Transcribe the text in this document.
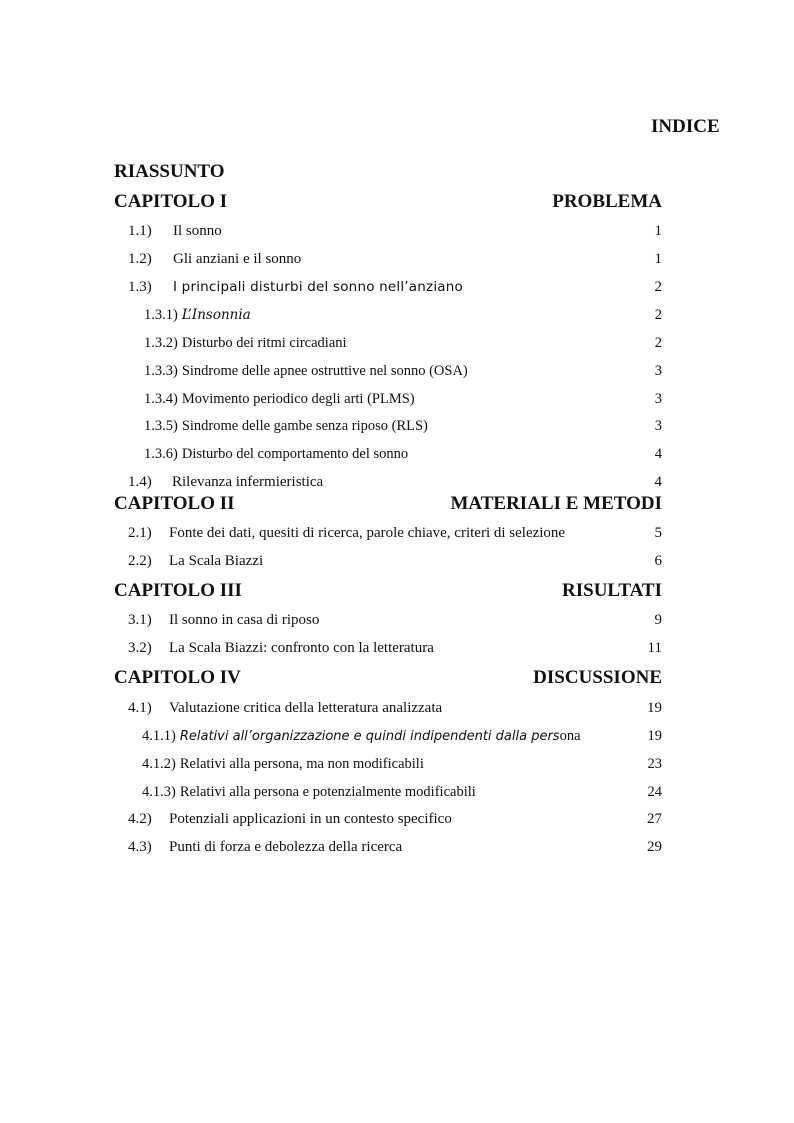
INDICE
RIASSUNTO
CAPITOLO I	PROBLEMA
1.1)	Il sonno	1
1.2)	Gli anziani e il sonno	1
1.3)	I principali disturbi del sonno nell’anziano	2
1.3.1) L’Insonnia	2
1.3.2) Disturbo dei ritmi circadiani	2
1.3.3) Sindrome delle apnee ostruttive nel sonno (OSA)	3
1.3.4) Movimento periodico degli arti (PLMS)	3
1.3.5) Sindrome delle gambe senza riposo (RLS)	3
1.3.6) Disturbo del comportamento del sonno	4
1.4)	Rilevanza infermieristica	4
CAPITOLO II	MATERIALI E METODI
2.1)	Fonte dei dati, quesiti di ricerca, parole chiave, criteri di selezione	5
2.2)	La Scala Biazzi	6
CAPITOLO III	RISULTATI
3.1)	Il sonno in casa di riposo	9
3.2)	La Scala Biazzi: confronto con la letteratura	11
CAPITOLO IV	DISCUSSIONE
4.1)	Valutazione critica della letteratura analizzata	19
4.1.1) Relativi all’organizzazione e quindi indipendenti dalla persona	19
4.1.2) Relativi alla persona, ma non modificabili	23
4.1.3) Relativi alla persona e potenzialmente modificabili	24
4.2)	Potenziali applicazioni in un contesto specifico	27
4.3)	Punti di forza e debolezza della ricerca	29
